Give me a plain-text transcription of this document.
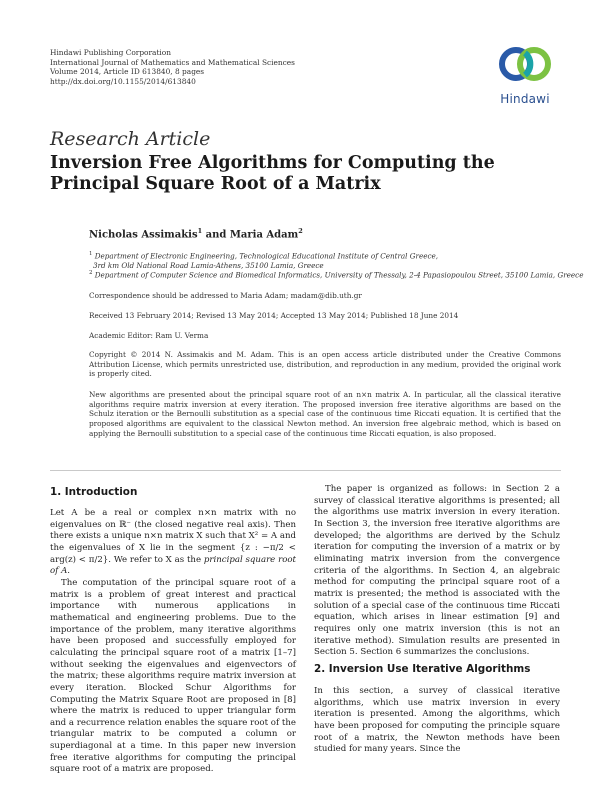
Hindawi Publishing Corporation
International Journal of Mathematics and Mathematical Sciences
Volume 2014, Article ID 613840, 8 pages
http://dx.doi.org/10.1155/2014/613840
Hindawi
Research Article
Inversion Free Algorithms for Computing the Principal Square Root of a Matrix
Nicholas Assimakis$^1$ and Maria Adam$^2$
$^1$ Department of Electronic Engineering, Technological Educational Institute of Central Greece,
3rd km Old National Road Lamia-Athens, 35100 Lamia, Greece
$^2$ Department of Computer Science and Biomedical Informatics, University of Thessaly, 2-4 Papasiopoulou Street, 35100 Lamia, Greece
Correspondence should be addressed to Maria Adam; madam@dib.uth.gr
Received 13 February 2014; Revised 13 May 2014; Accepted 13 May 2014; Published 18 June 2014
Academic Editor: Ram U. Verma
Copyright © 2014 N. Assimakis and M. Adam. This is an open access article distributed under the Creative Commons Attribution License, which permits unrestricted use, distribution, and reproduction in any medium, provided the original work is properly cited.
New algorithms are presented about the principal square root of an n×n matrix A. In particular, all the classical iterative algorithms require matrix inversion at every iteration. The proposed inversion free iterative algorithms are based on the Schulz iteration or the Bernoulli substitution as a special case of the continuous time Riccati equation. It is certified that the proposed algorithms are equivalent to the classical Newton method. An inversion free algebraic method, which is based on applying the Bernoulli substitution to a special case of the continuous time Riccati equation, is also proposed.
1. Introduction

Let A be a real or complex n×n matrix with no eigenvalues on ℝ⁻ (the closed negative real axis). Then there exists a unique n×n matrix X such that X² = A and the eigenvalues of X lie in the segment {z : −π/2 < arg(z) < π/2}. We refer to X as the principal square root of A.

The computation of the principal square root of a matrix is a problem of great interest and practical importance with numerous applications in mathematical and engineering problems. Due to the importance of the problem, many iterative algorithms have been proposed and successfully employed for calculating the principal square root of a matrix [1–7] without seeking the eigenvalues and eigenvectors of the matrix; these algorithms require matrix inversion at every iteration. Blocked Schur Algorithms for Computing the Matrix Square Root are proposed in [8] where the matrix is reduced to upper triangular form and a recurrence relation enables the square root of the triangular matrix to be computed a column or superdiagonal at a time. In this paper new inversion free iterative algorithms for computing the principal square root of a matrix are proposed.

The paper is organized as follows: in Section 2 a survey of classical iterative algorithms is presented; all the algorithms use matrix inversion in every iteration. In Section 3, the inversion free iterative algorithms are developed; the algorithms are derived by the Schulz iteration for computing the inversion of a matrix or by eliminating matrix inversion from the convergence criteria of the algorithms. In Section 4, an algebraic method for computing the principal square root of a matrix is presented; the method is associated with the solution of a special case of the continuous time Riccati equation, which arises in linear estimation [9] and requires only one matrix inversion (this is not an iterative method). Simulation results are presented in Section 5. Section 6 summarizes the conclusions.

2. Inversion Use Iterative Algorithms

In this section, a survey of classical iterative algorithms, which use matrix inversion in every iteration is presented. Among the algorithms, which have been proposed for computing the principle square root of a matrix, the Newton methods have been studied for many years. Since the
